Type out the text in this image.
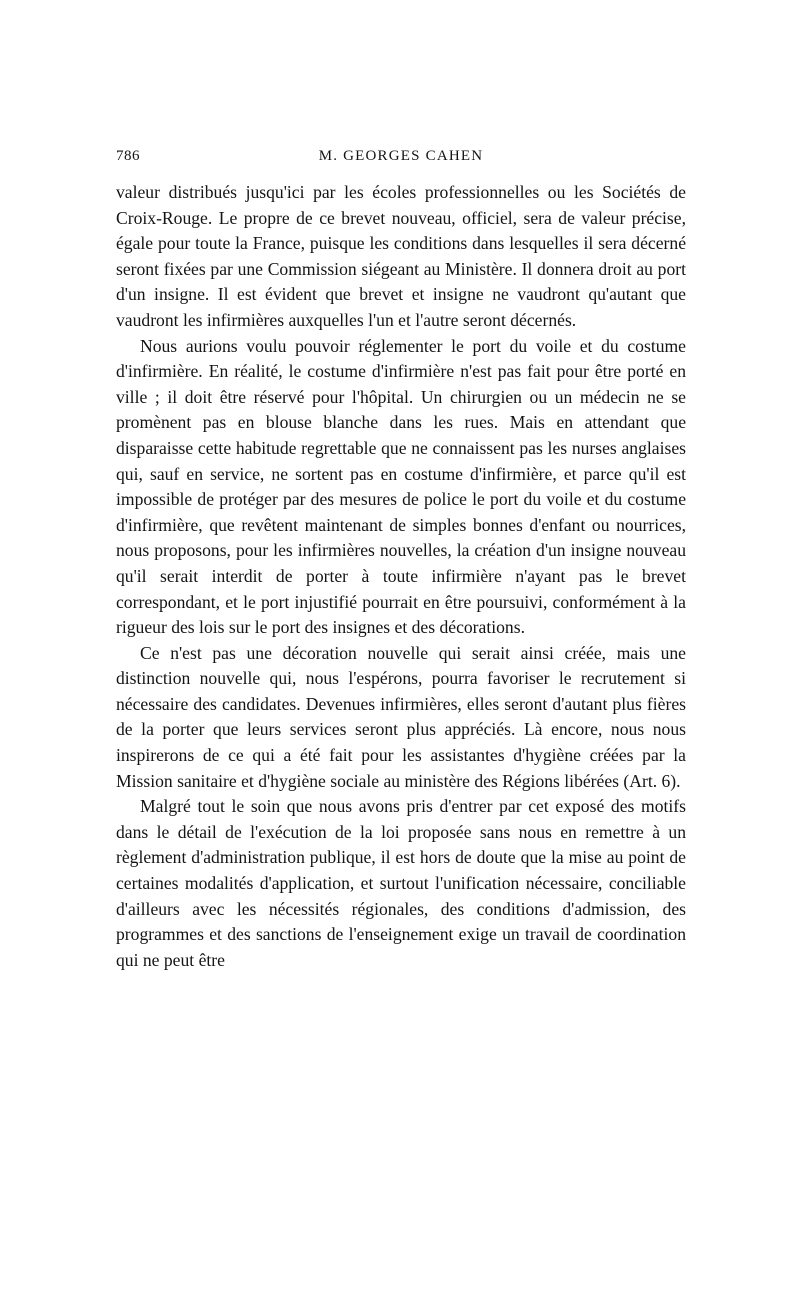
786	M. GEORGES CAHEN

valeur distribués jusqu'ici par les écoles professionnelles ou les Sociétés de Croix-Rouge. Le propre de ce brevet nouveau, officiel, sera de valeur précise, égale pour toute la France, puisque les conditions dans lesquelles il sera décerné seront fixées par une Commission siégeant au Ministère. Il donnera droit au port d'un insigne. Il est évident que brevet et insigne ne vaudront qu'autant que vaudront les infirmières auxquelles l'un et l'autre seront décernés.

Nous aurions voulu pouvoir réglementer le port du voile et du costume d'infirmière. En réalité, le costume d'infirmière n'est pas fait pour être porté en ville ; il doit être réservé pour l'hôpital. Un chirurgien ou un médecin ne se promènent pas en blouse blanche dans les rues. Mais en attendant que disparaisse cette habitude regrettable que ne connaissent pas les nurses anglaises qui, sauf en service, ne sortent pas en costume d'infirmière, et parce qu'il est impossible de protéger par des mesures de police le port du voile et du costume d'infirmière, que revêtent maintenant de simples bonnes d'enfant ou nourrices, nous proposons, pour les infirmières nouvelles, la création d'un insigne nouveau qu'il serait interdit de porter à toute infirmière n'ayant pas le brevet correspondant, et le port injustifié pourrait en être poursuivi, conformément à la rigueur des lois sur le port des insignes et des décorations.

Ce n'est pas une décoration nouvelle qui serait ainsi créée, mais une distinction nouvelle qui, nous l'espérons, pourra favoriser le recrutement si nécessaire des candidates. Devenues infirmières, elles seront d'autant plus fières de la porter que leurs services seront plus appréciés. Là encore, nous nous inspirerons de ce qui a été fait pour les assistantes d'hygiène créées par la Mission sanitaire et d'hygiène sociale au ministère des Régions libérées (Art. 6).

Malgré tout le soin que nous avons pris d'entrer par cet exposé des motifs dans le détail de l'exécution de la loi proposée sans nous en remettre à un règlement d'administration publique, il est hors de doute que la mise au point de certaines modalités d'application, et surtout l'unification nécessaire, conciliable d'ailleurs avec les nécessités régionales, des conditions d'admission, des programmes et des sanctions de l'enseignement exige un travail de coordination qui ne peut être
